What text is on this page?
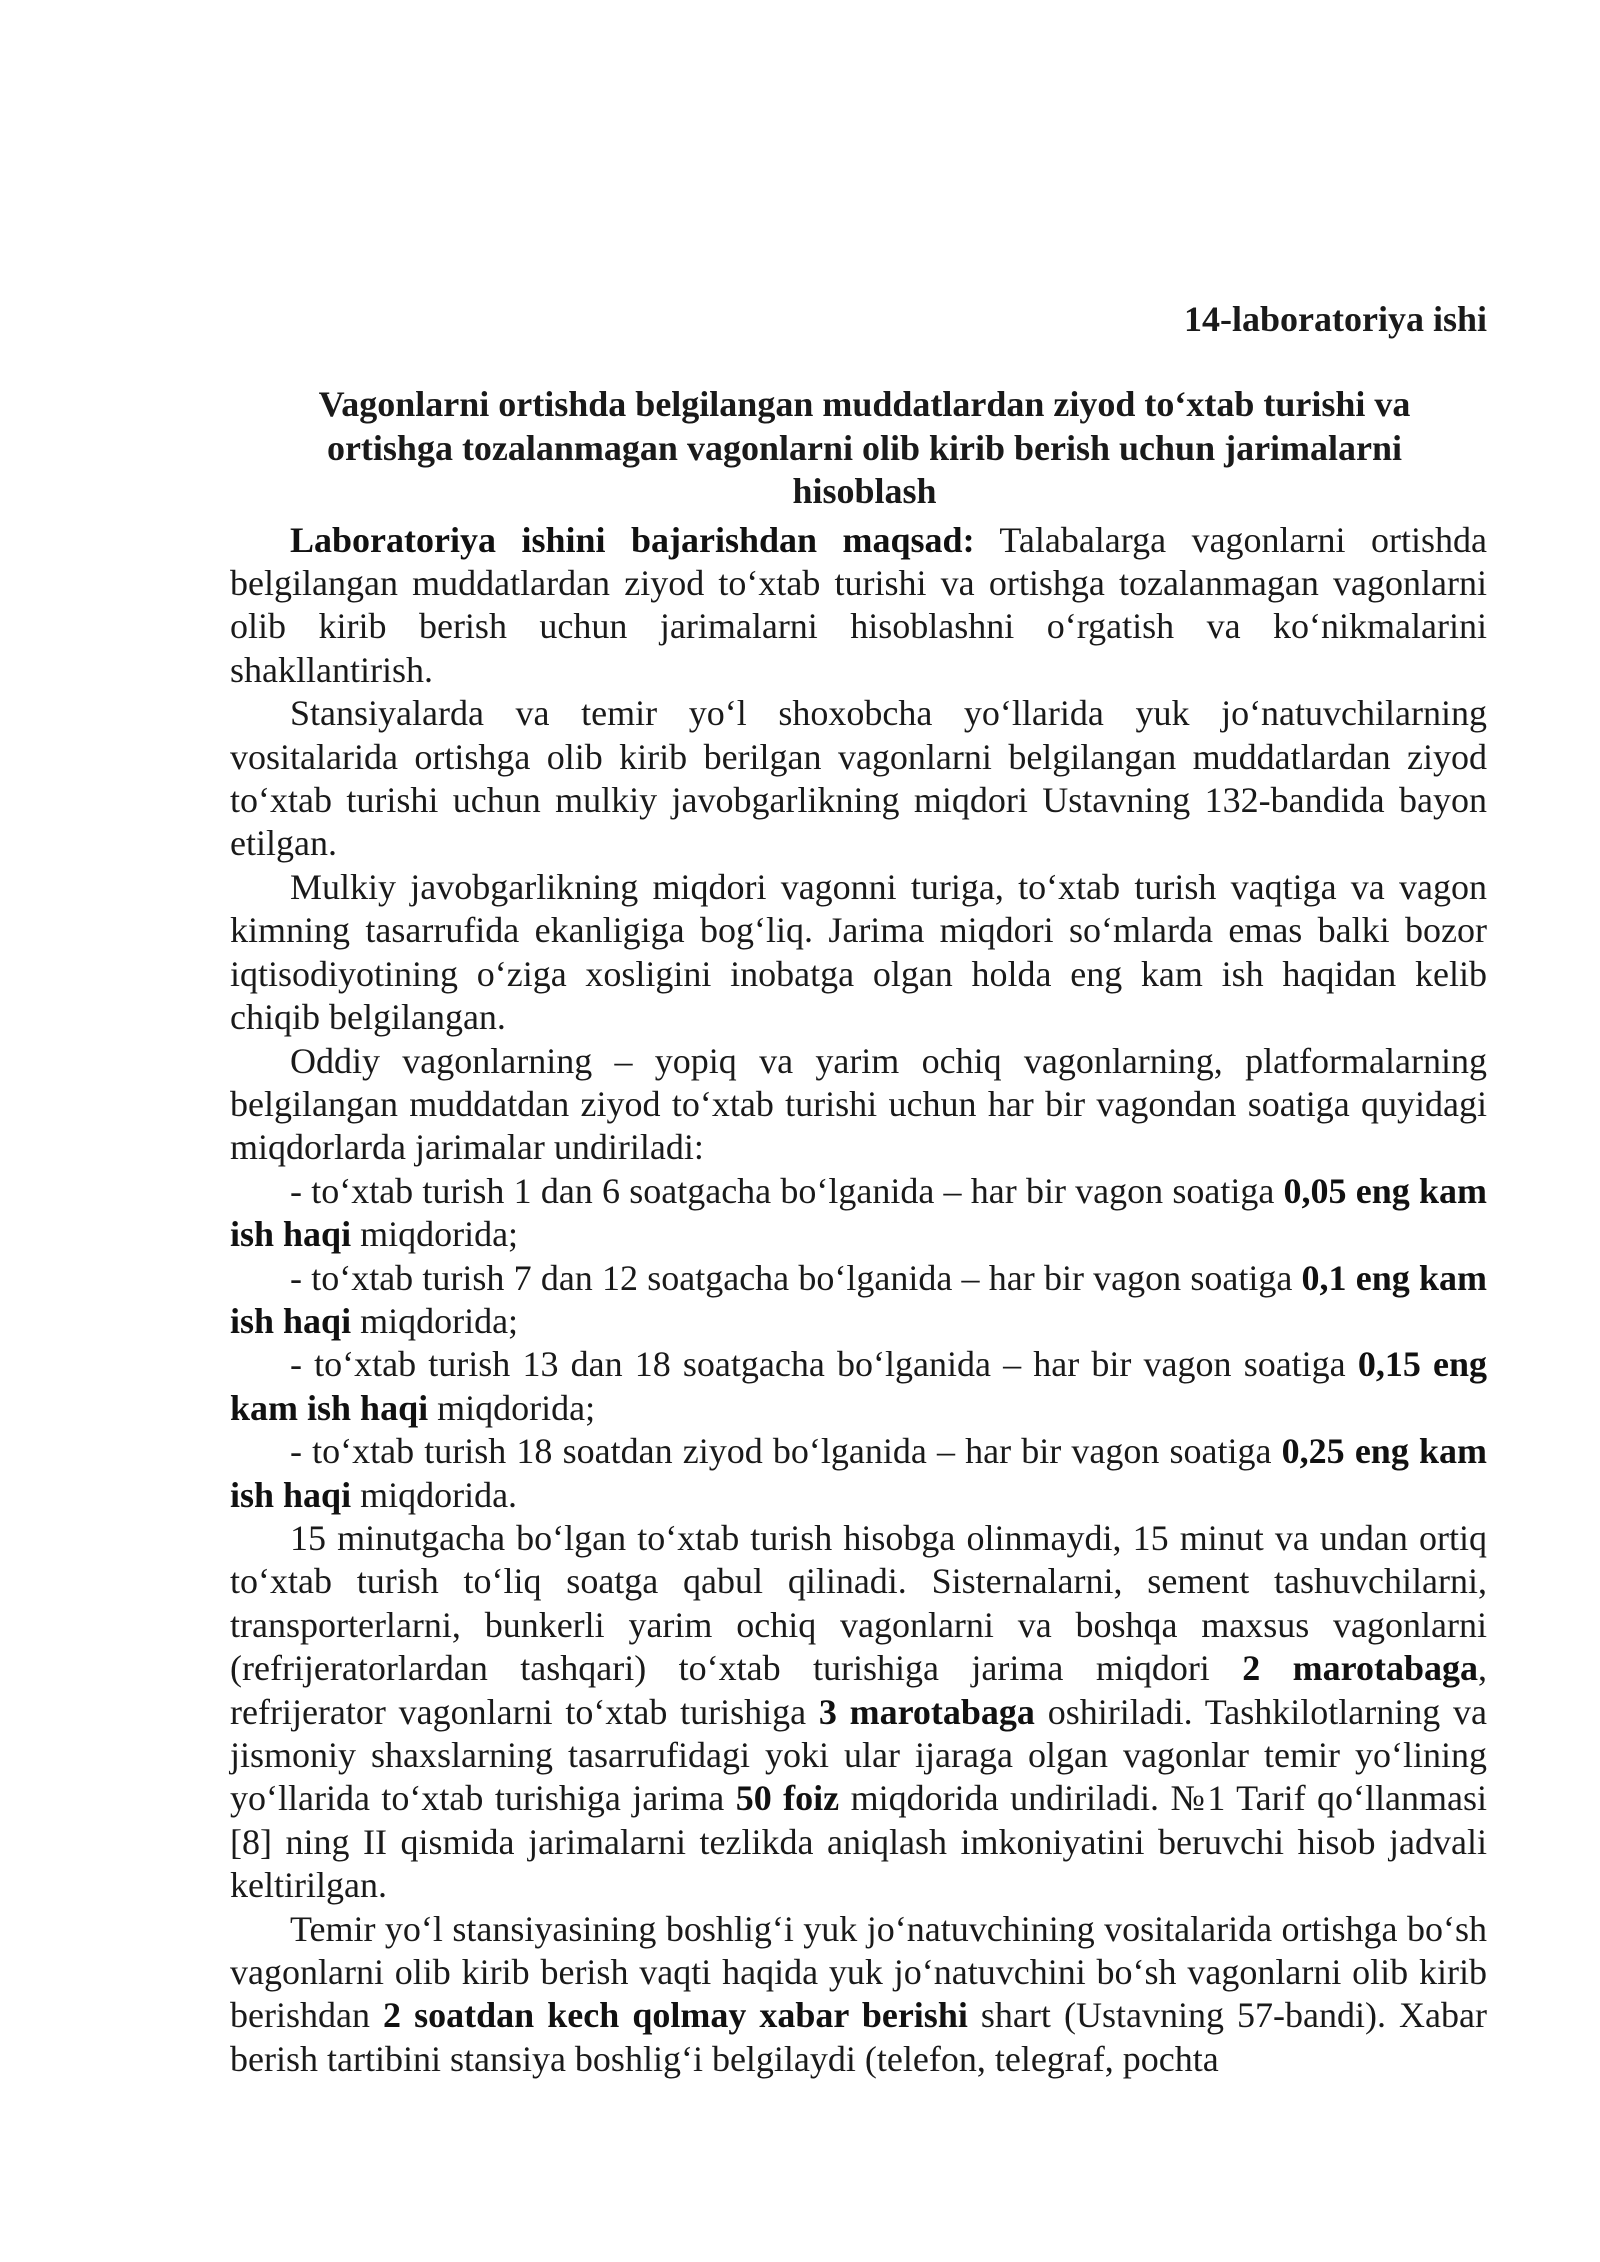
14-laboratoriya ishi

Vagonlarni ortishda belgilangan muddatlardan ziyod to‘xtab turishi va ortishga tozalanmagan vagonlarni olib kirib berish uchun jarimalarni hisoblash

Laboratoriya ishini bajarishdan maqsad: Talabalarga vagonlarni ortishda belgilangan muddatlardan ziyod to‘xtab turishi va ortishga tozalanmagan vagonlarni olib kirib berish uchun jarimalarni hisoblashni o‘rgatish va ko‘nikmalarini shakllantirish.

Stansiyalarda va temir yo‘l shoxobcha yo‘llarida yuk jo‘natuvchilarning vositalarida ortishga olib kirib berilgan vagonlarni belgilangan muddatlardan ziyod to‘xtab turishi uchun mulkiy javobgarlikning miqdori Ustavning 132-bandida bayon etilgan.

Mulkiy javobgarlikning miqdori vagonni turiga, to‘xtab turish vaqtiga va vagon kimning tasarrufida ekanligiga bog‘liq. Jarima miqdori so‘mlarda emas balki bozor iqtisodiyotining o‘ziga xosligini inobatga olgan holda eng kam ish haqidan kelib chiqib belgilangan.

Oddiy vagonlarning – yopiq va yarim ochiq vagonlarning, platformalarning belgilangan muddatdan ziyod to‘xtab turishi uchun har bir vagondan soatiga quyidagi miqdorlarda jarimalar undiriladi:

- to‘xtab turish 1 dan 6 soatgacha bo‘lganida – har bir vagon soatiga 0,05 eng kam ish haqi miqdorida;

- to‘xtab turish 7 dan 12 soatgacha bo‘lganida – har bir vagon soatiga 0,1 eng kam ish haqi miqdorida;

- to‘xtab turish 13 dan 18 soatgacha bo‘lganida – har bir vagon soatiga 0,15 eng kam ish haqi miqdorida;

- to‘xtab turish 18 soatdan ziyod bo‘lganida – har bir vagon soatiga 0,25 eng kam ish haqi miqdorida.

15 minutgacha bo‘lgan to‘xtab turish hisobga olinmaydi, 15 minut va undan ortiq to‘xtab turish to‘liq soatga qabul qilinadi. Sisternalarni, sement tashuvchilarni, transporterlarni, bunkerli yarim ochiq vagonlarni va boshqa maxsus vagonlarni (refrijeratorlardan tashqari) to‘xtab turishiga jarima miqdori 2 marotabaga, refrijerator vagonlarni to‘xtab turishiga 3 marotabaga oshiriladi. Tashkilotlarning va jismoniy shaxslarning tasarrufidagi yoki ular ijaraga olgan vagonlar temir yo‘lining yo‘llarida to‘xtab turishiga jarima 50 foiz miqdorida undiriladi. №1 Tarif qo‘llanmasi [8] ning II qismida jarimalarni tezlikda aniqlash imkoniyatini beruvchi hisob jadvali keltirilgan.

Temir yo‘l stansiyasining boshlig‘i yuk jo‘natuvchining vositalarida ortishga bo‘sh vagonlarni olib kirib berish vaqti haqida yuk jo‘natuvchini bo‘sh vagonlarni olib kirib berishdan 2 soatdan kech qolmay xabar berishi shart (Ustavning 57-bandi). Xabar berish tartibini stansiya boshlig‘i belgilaydi (telefon, telegraf, pochta
